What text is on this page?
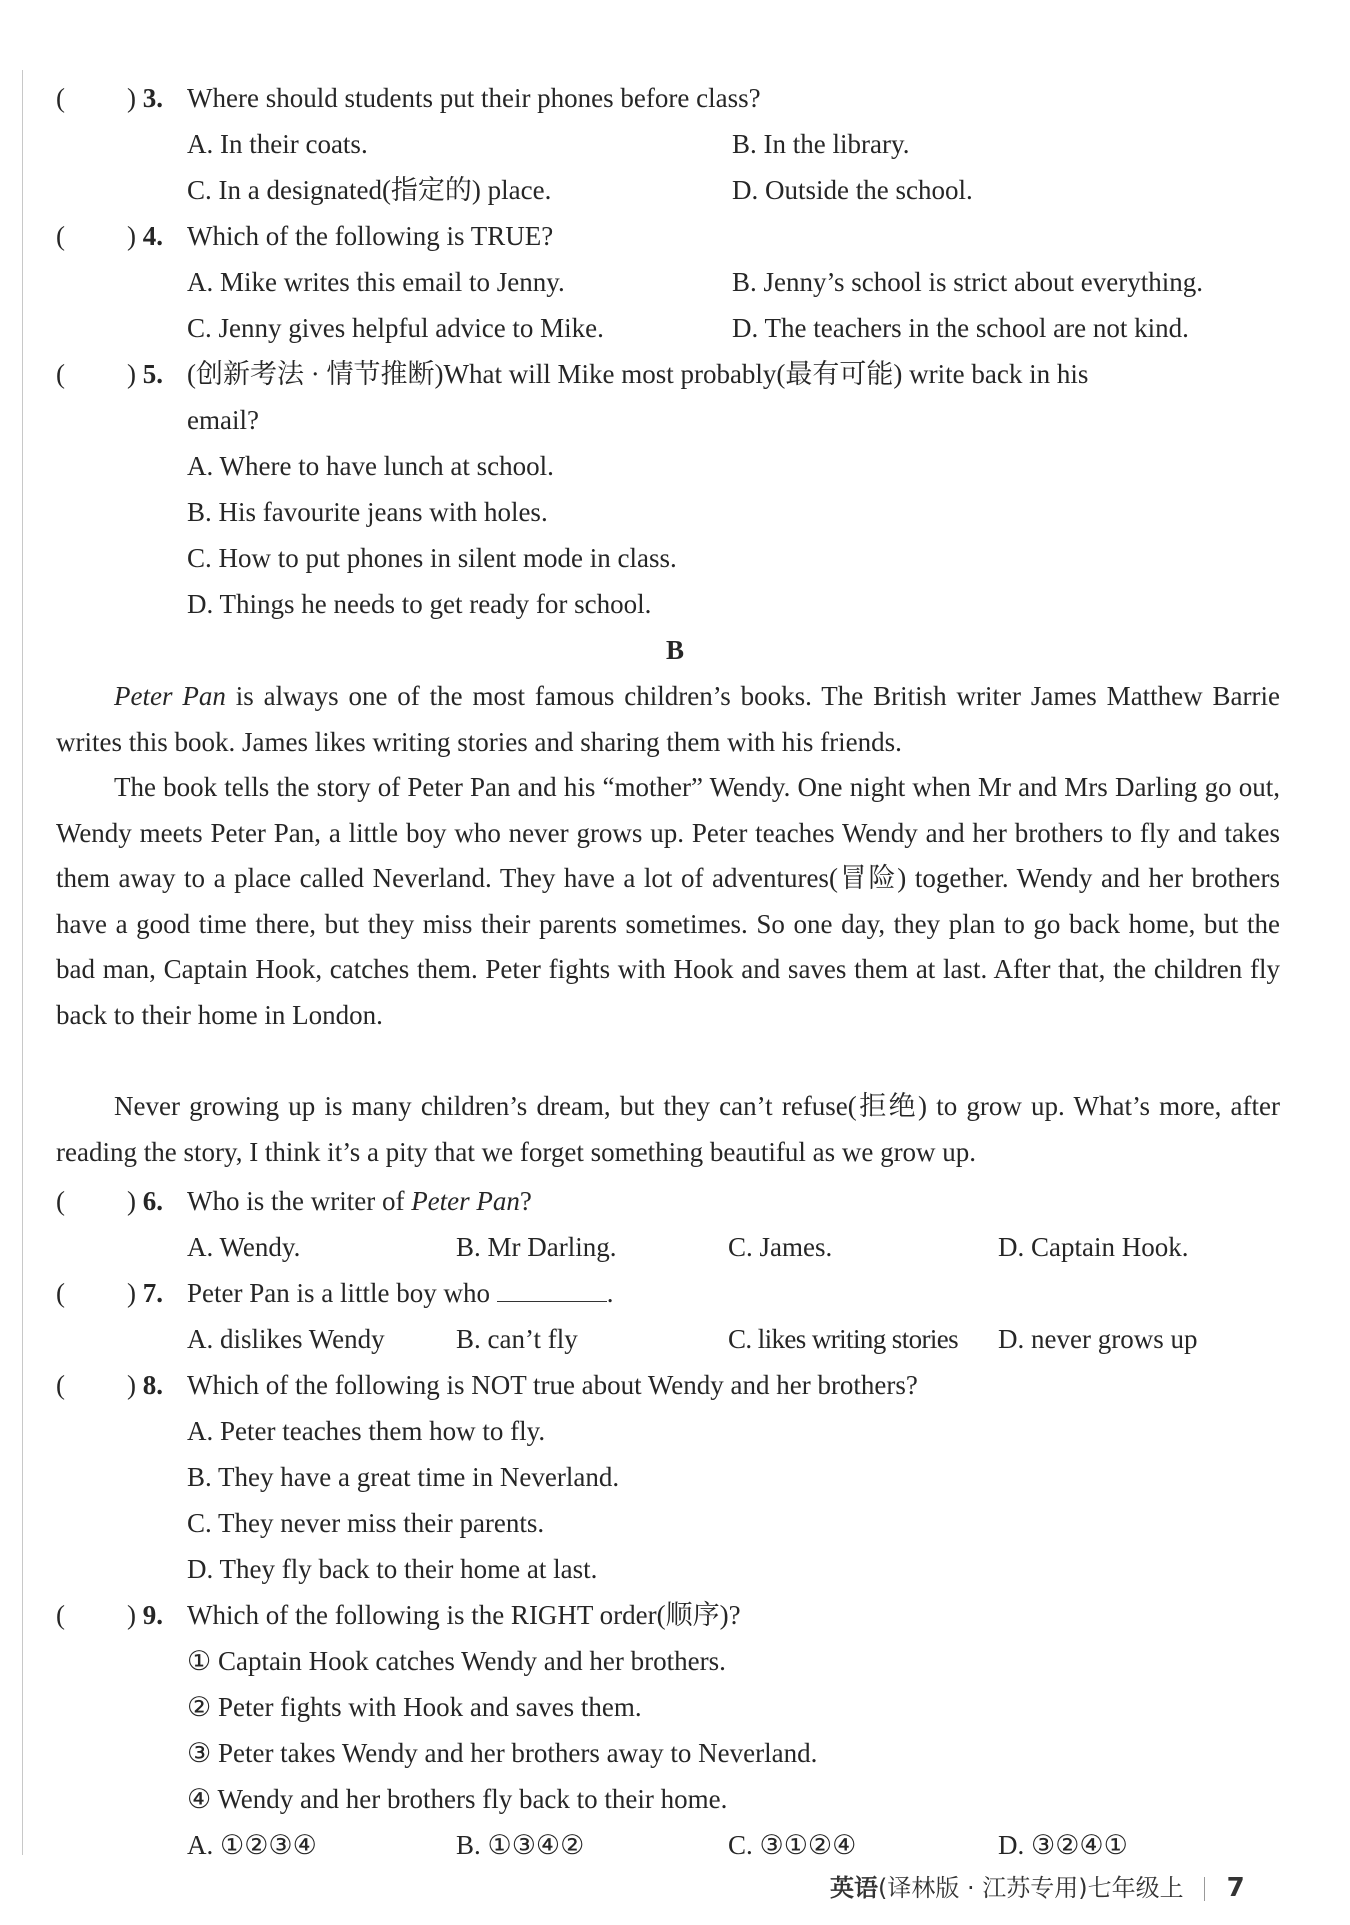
( ) 3. Where should students put their phones before class?
A. In their coats.	B. In the library.
C. In a designated(指定的) place.	D. Outside the school.
( ) 4. Which of the following is TRUE?
A. Mike writes this email to Jenny.	B. Jenny’s school is strict about everything.
C. Jenny gives helpful advice to Mike.	D. The teachers in the school are not kind.
( ) 5. (创新考法 · 情节推断)What will Mike most probably(最有可能) write back in his
email?
A. Where to have lunch at school.
B. His favourite jeans with holes.
C. How to put phones in silent mode in class.
D. Things he needs to get ready for school.
B
Peter Pan is always one of the most famous children’s books. The British writer James Matthew Barrie writes this book. James likes writing stories and sharing them with his friends.
The book tells the story of Peter Pan and his “mother” Wendy. One night when Mr and Mrs Darling go out, Wendy meets Peter Pan, a little boy who never grows up. Peter teaches Wendy and her brothers to fly and takes them away to a place called Neverland. They have a lot of adventures(冒险) together. Wendy and her brothers have a good time there, but they miss their parents sometimes. So one day, they plan to go back home, but the bad man, Captain Hook, catches them. Peter fights with Hook and saves them at last. After that, the children fly back to their home in London.
Never growing up is many children’s dream, but they can’t refuse(拒绝) to grow up. What’s more, after reading the story, I think it’s a pity that we forget something beautiful as we grow up.
( ) 6. Who is the writer of Peter Pan?
A. Wendy.	B. Mr Darling.	C. James.	D. Captain Hook.
( ) 7. Peter Pan is a little boy who	.
A. dislikes Wendy	B. can’t fly	C. likes writing stories D. never grows up
( ) 8. Which of the following is NOT true about Wendy and her brothers?
A. Peter teaches them how to fly.
B. They have a great time in Neverland.
C. They never miss their parents.
D. They fly back to their home at last.
( ) 9. Which of the following is the RIGHT order(顺序)?
① Captain Hook catches Wendy and her brothers.
② Peter fights with Hook and saves them.
③ Peter takes Wendy and her brothers away to Neverland.
④ Wendy and her brothers fly back to their home.
A. ①②③④	B. ①③④②	C. ③①②④	D. ③②④①
英语(译林版 · 江苏专用)七年级上 7
